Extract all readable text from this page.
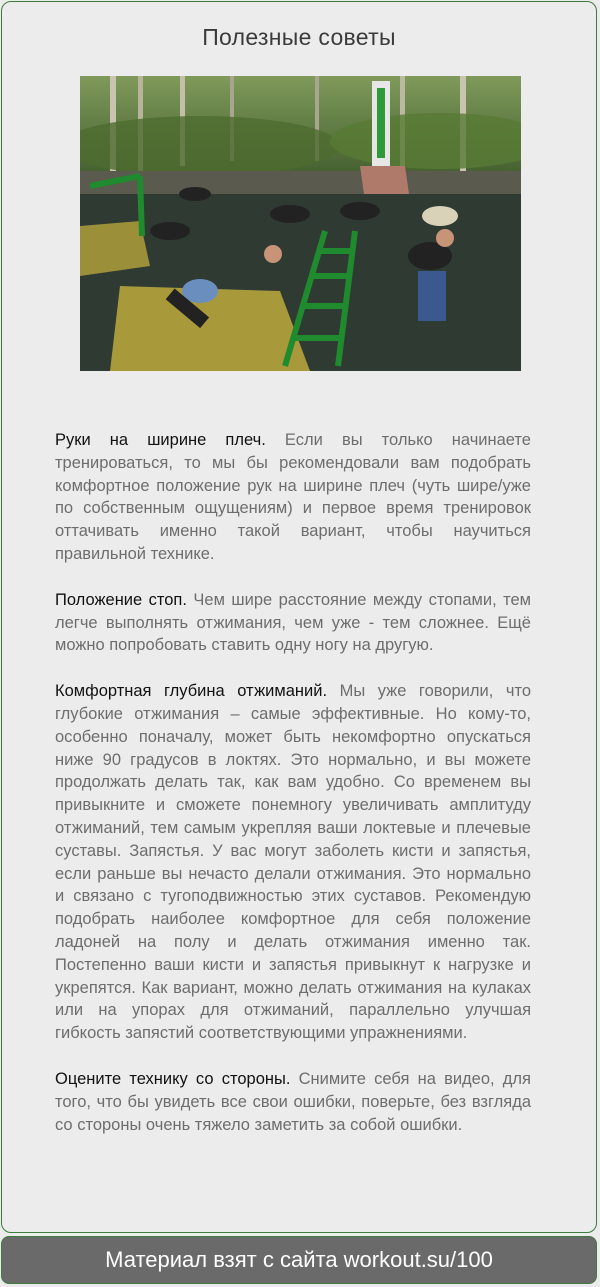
Полезные советы

Руки на ширине плеч. Если вы только начинаете тренироваться, то мы бы рекомендовали вам подобрать комфортное положение рук на ширине плеч (чуть шире/уже по собственным ощущениям) и первое время тренировок оттачивать именно такой вариант, чтобы научиться правильной технике.

Положение стоп. Чем шире расстояние между стопами, тем легче выполнять отжимания, чем уже - тем сложнее. Ещё можно попробовать ставить одну ногу на другую.

Комфортная глубина отжиманий. Мы уже говорили, что глубокие отжимания – самые эффективные. Но кому-то, особенно поначалу, может быть некомфортно опускаться ниже 90 градусов в локтях. Это нормально, и вы можете продолжать делать так, как вам удобно. Со временем вы привыкните и сможете понемногу увеличивать амплитуду отжиманий, тем самым укрепляя ваши локтевые и плечевые суставы. Запястья. У вас могут заболеть кисти и запястья, если раньше вы нечасто делали отжимания. Это нормально и связано с тугоподвижностью этих суставов. Рекомендую подобрать наиболее комфортное для себя положение ладоней на полу и делать отжимания именно так. Постепенно ваши кисти и запястья привыкнут к нагрузке и укрепятся. Как вариант, можно делать отжимания на кулаках или на упорах для отжиманий, параллельно улучшая гибкость запястий соответствующими упражнениями.

Оцените технику со стороны. Снимите себя на видео, для того, что бы увидеть все свои ошибки, поверьте, без взгляда со стороны очень тяжело заметить за собой ошибки.

Материал взят с сайта workout.su/100
